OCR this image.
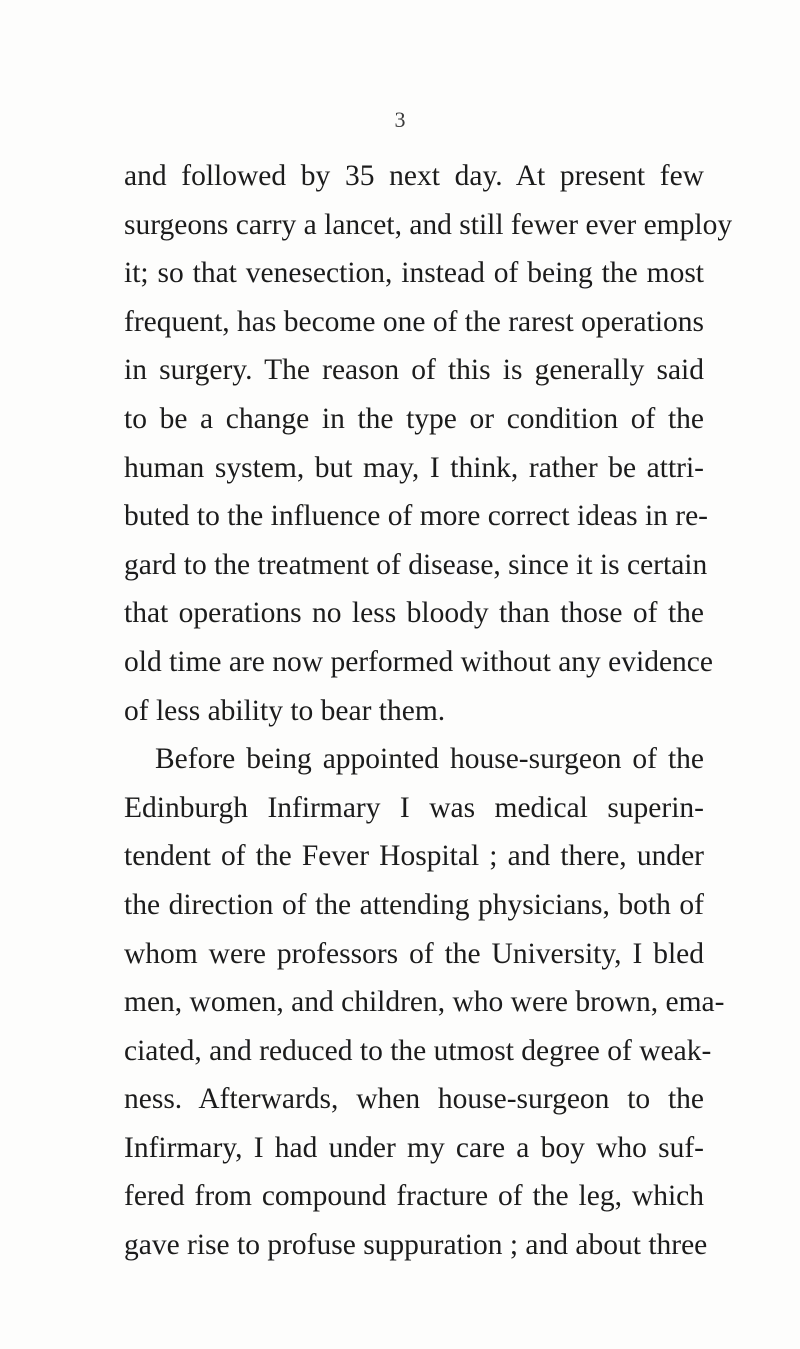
3
and followed by 35 next day. At present few
surgeons carry a lancet, and still fewer ever employ
it; so that venesection, instead of being the most
frequent, has become one of the rarest operations
in surgery. The reason of this is generally said
to be a change in the type or condition of the
human system, but may, I think, rather be attri-
buted to the influence of more correct ideas in re-
gard to the treatment of disease, since it is certain
that operations no less bloody than those of the
old time are now performed without any evidence
of less ability to bear them.
Before being appointed house-surgeon of the
Edinburgh Infirmary I was medical superin-
tendent of the Fever Hospital ; and there, under
the direction of the attending physicians, both of
whom were professors of the University, I bled
men, women, and children, who were brown, ema-
ciated, and reduced to the utmost degree of weak-
ness. Afterwards, when house-surgeon to the
Infirmary, I had under my care a boy who suf-
fered from compound fracture of the leg, which
gave rise to profuse suppuration ; and about three
